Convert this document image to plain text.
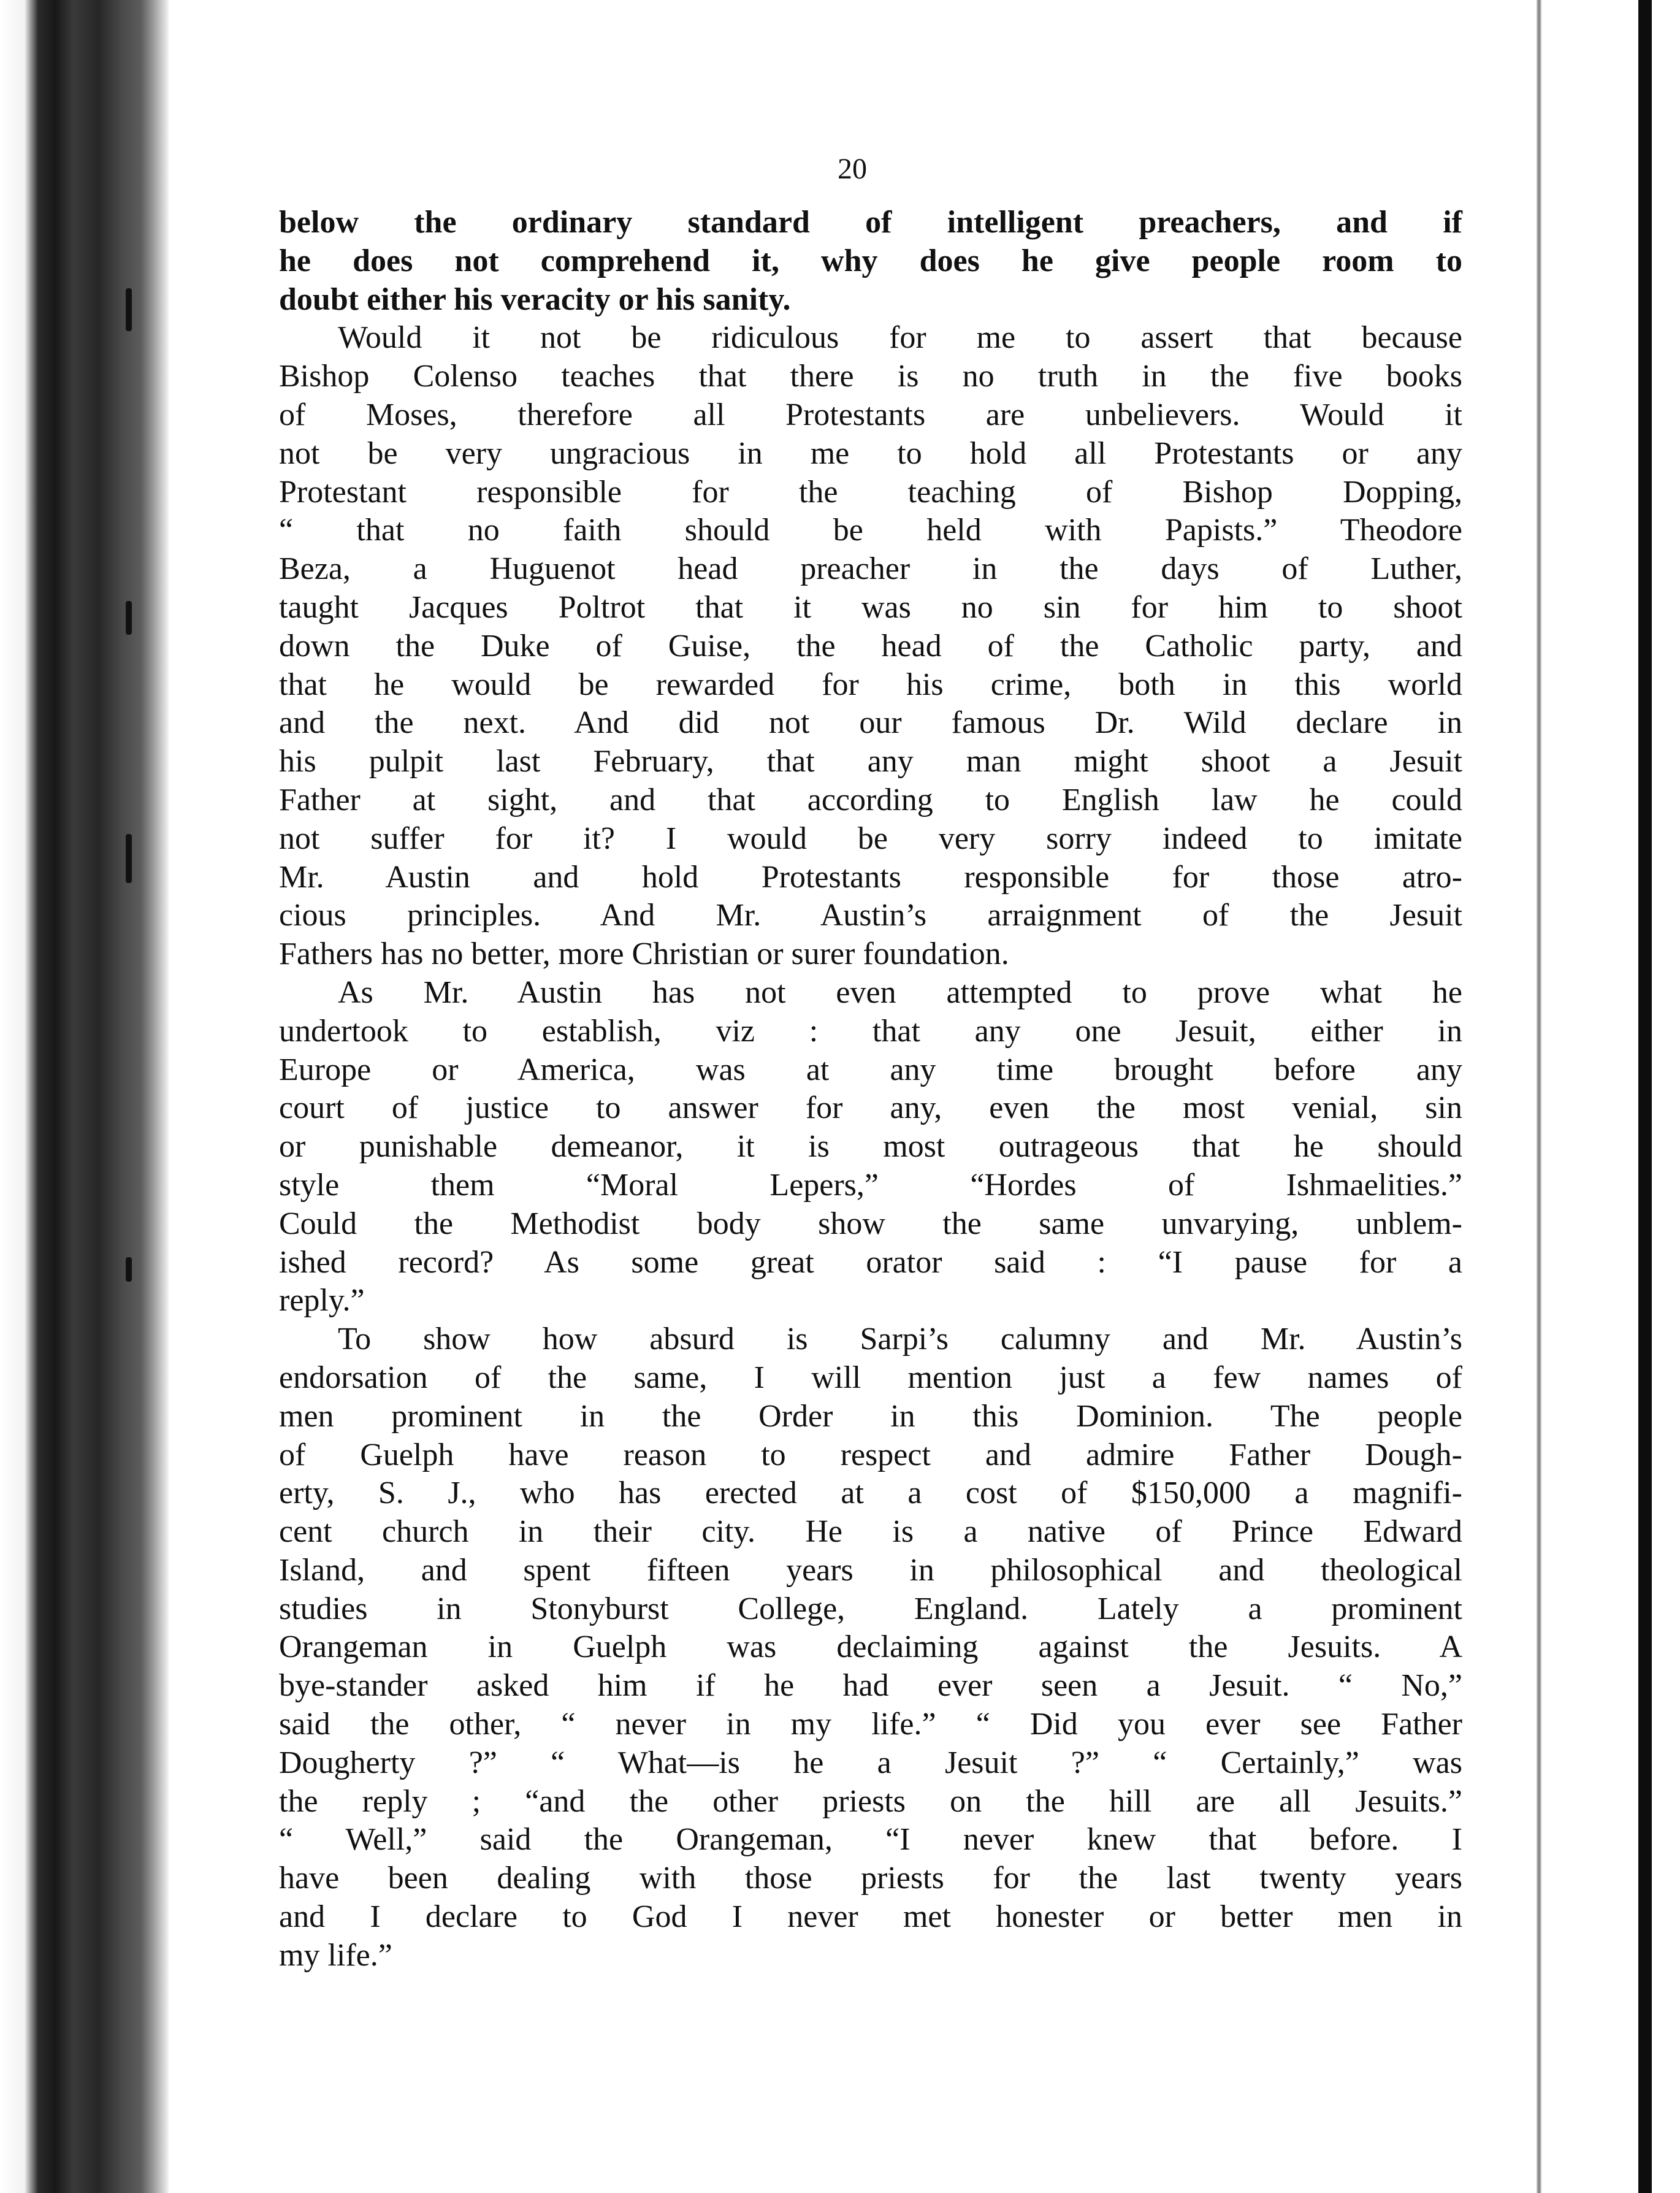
20
below the ordinary standard of intelligent preachers, and if
he does not comprehend it, why does he give people room to
doubt either his veracity or his sanity.
Would it not be ridiculous for me to assert that because
Bishop Colenso teaches that there is no truth in the five books
of Moses, therefore all Protestants are unbelievers. Would it
not be very ungracious in me to hold all Protestants or any
Protestant responsible for the teaching of Bishop Dopping,
“ that no faith should be held with Papists.” Theodore
Beza, a Huguenot head preacher in the days of Luther,
taught Jacques Poltrot that it was no sin for him to shoot
down the Duke of Guise, the head of the Catholic party, and
that he would be rewarded for his crime, both in this world
and the next. And did not our famous Dr. Wild declare in
his pulpit last February, that any man might shoot a Jesuit
Father at sight, and that according to English law he could
not suffer for it? I would be very sorry indeed to imitate
Mr. Austin and hold Protestants responsible for those atro-
cious principles. And Mr. Austin’s arraignment of the Jesuit
Fathers has no better, more Christian or surer foundation.
As Mr. Austin has not even attempted to prove what he
undertook to establish, viz : that any one Jesuit, either in
Europe or America, was at any time brought before any
court of justice to answer for any, even the most venial, sin
or punishable demeanor, it is most outrageous that he should
style them “Moral Lepers,” “Hordes of Ishmaelities.”
Could the Methodist body show the same unvarying, unblem-
ished record? As some great orator said : “I pause for a
reply.”
To show how absurd is Sarpi’s calumny and Mr. Austin’s
endorsation of the same, I will mention just a few names of
men prominent in the Order in this Dominion. The people
of Guelph have reason to respect and admire Father Dough-
erty, S. J., who has erected at a cost of $150,000 a magnifi-
cent church in their city. He is a native of Prince Edward
Island, and spent fifteen years in philosophical and theological
studies in Stonyburst College, England. Lately a prominent
Orangeman in Guelph was declaiming against the Jesuits. A
bye-stander asked him if he had ever seen a Jesuit. “ No,”
said the other, “ never in my life.” “ Did you ever see Father
Dougherty ?” “ What—is he a Jesuit ?” “ Certainly,” was
the reply ; “and the other priests on the hill are all Jesuits.”
“ Well,” said the Orangeman, “I never knew that before. I
have been dealing with those priests for the last twenty years
and I declare to God I never met honester or better men in
my life.”
